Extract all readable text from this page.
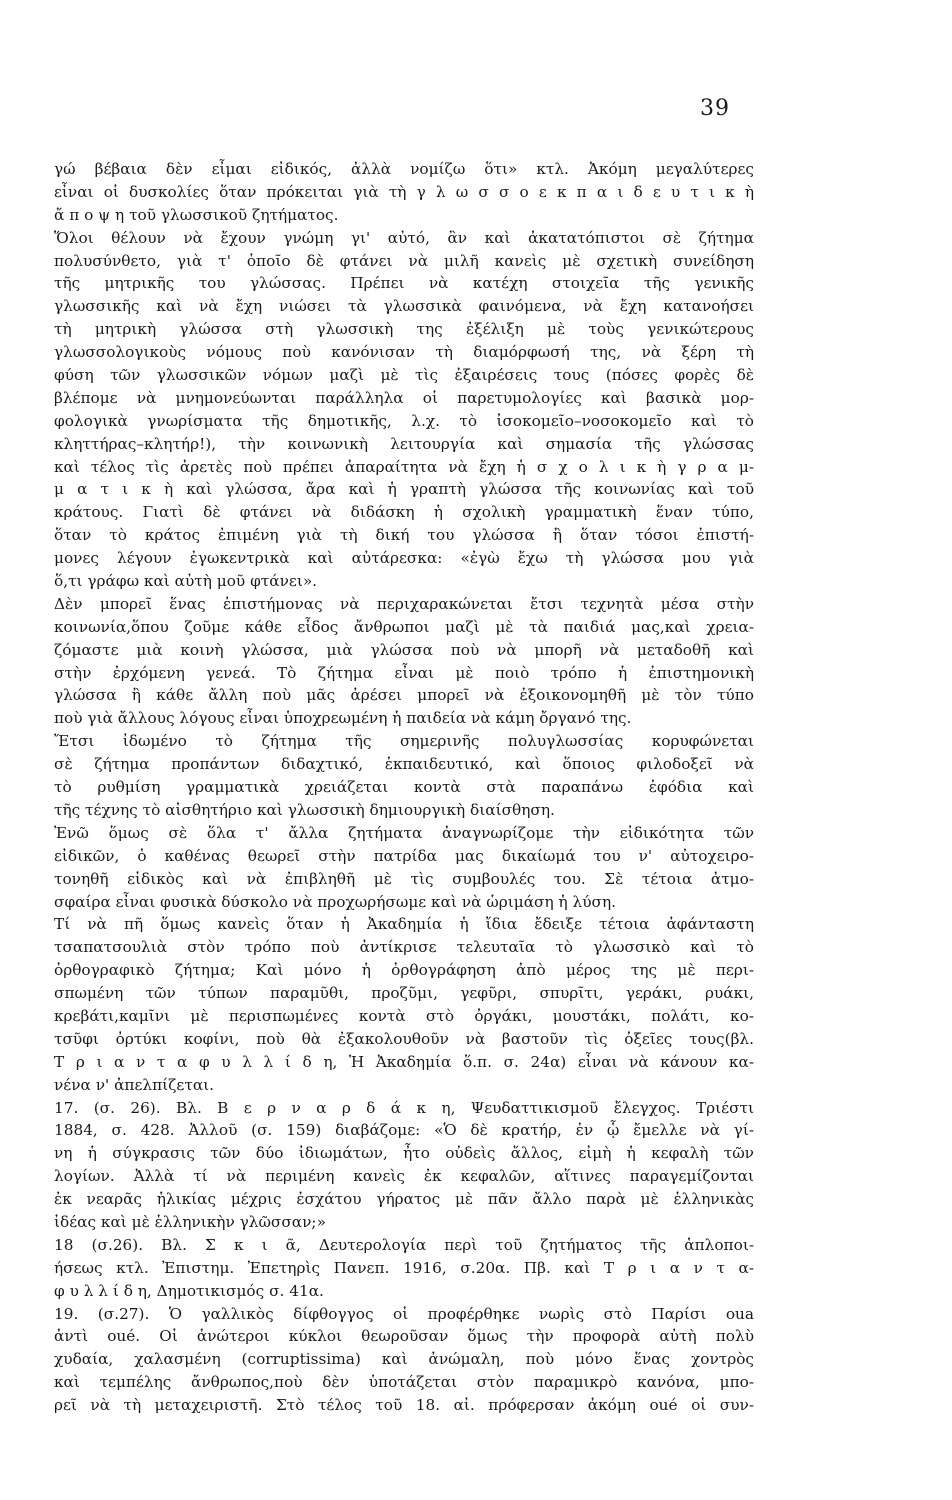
39
γώ βέβαια δὲν εἶμαι εἰδικός, ἀλλὰ νομίζω ὅτι» κτλ. Ἀκόμη μεγαλύτερες
εἶναι οἱ δυσκολίες ὅταν πρόκειται γιὰ τὴ γ λ ω σ σ ο ε κ π α ι δ ε υ τ ι κ ὴ
ἄ π ο ψ η τοῦ γλωσσικοῦ ζητήματος.
Ὅλοι θέλουν νὰ ἔχουν γνώμη γι' αὐτό, ἂν καὶ ἀκατατόπιστοι σὲ ζήτημα
πολυσύνθετο, γιὰ τ' ὁποῖο δὲ φτάνει νὰ μιλῆ κανεὶς μὲ σχετικὴ συνείδηση
τῆς μητρικῆς του γλώσσας. Πρέπει νὰ κατέχη στοιχεῖα τῆς γενικῆς
γλωσσικῆς καὶ νὰ ἔχη νιώσει τὰ γλωσσικὰ φαινόμενα, νὰ ἔχη κατανοήσει
τὴ μητρικὴ γλώσσα στὴ γλωσσικὴ της ἐξέλιξη μὲ τοὺς γενικώτερους
γλωσσολογικοὺς νόμους ποὺ κανόνισαν τὴ διαμόρφωσή της, νὰ ξέρη τὴ
φύση τῶν γλωσσικῶν νόμων μαζὶ μὲ τὶς ἐξαιρέσεις τους (πόσες φορὲς δὲ
βλέπομε νὰ μνημονεύωνται παράλληλα οἱ παρετυμολογίες καὶ βασικὰ μορ-
φολογικὰ γνωρίσματα τῆς δημοτικῆς, λ.χ. τὸ ἰσοκομεῖο–νοσοκομεῖο καὶ τὸ
κληττήρας–κλητήρ!), τὴν κοινωνικὴ λειτουργία καὶ σημασία τῆς γλώσσας
καὶ τέλος τὶς ἀρετὲς ποὺ πρέπει ἀπαραίτητα νὰ ἔχη ἡ σ χ ο λ ι κ ὴ γ ρ α μ-
μ α τ ι κ ὴ καὶ γλώσσα, ἄρα καὶ ἡ γραπτὴ γλώσσα τῆς κοινωνίας καὶ τοῦ
κράτους. Γιατὶ δὲ φτάνει νὰ διδάσκη ἡ σχολικὴ γραμματικὴ ἕναν τύπο,
ὅταν τὸ κράτος ἐπιμένη γιὰ τὴ δική του γλώσσα ἢ ὅταν τόσοι ἐπιστή-
μονες λέγουν ἐγωκεντρικὰ καὶ αὐτάρεσκα: «ἐγὼ ἔχω τὴ γλώσσα μου γιὰ
ὅ,τι γράφω καὶ αὐτὴ μοῦ φτάνει».
Δὲν μπορεῖ ἕνας ἐπιστήμονας νὰ περιχαρακώνεται ἔτσι τεχνητὰ μέσα στὴν
κοινωνία,ὅπου ζοῦμε κάθε εἶδος ἄνθρωποι μαζὶ μὲ τὰ παιδιά μας,καὶ χρεια-
ζόμαστε μιὰ κοινὴ γλώσσα, μιὰ γλώσσα ποὺ νὰ μπορῆ νὰ μεταδοθῆ καὶ
στὴν ἐρχόμενη γενεά. Τὸ ζήτημα εἶναι μὲ ποιὸ τρόπο ἡ ἐπιστημονικὴ
γλώσσα ἢ κάθε ἄλλη ποὺ μᾶς ἀρέσει μπορεῖ νὰ ἐξοικονομηθῆ μὲ τὸν τύπο
ποὺ γιὰ ἄλλους λόγους εἶναι ὑποχρεωμένη ἡ παιδεία νὰ κάμη ὄργανό της.
Ἔτσι ἰδωμένο τὸ ζήτημα τῆς σημερινῆς πολυγλωσσίας κορυφώνεται
σὲ ζήτημα προπάντων διδαχτικό, ἐκπαιδευτικό, καὶ ὅποιος φιλοδοξεῖ νὰ
τὸ ρυθμίση γραμματικὰ χρειάζεται κοντὰ στὰ παραπάνω ἐφόδια καὶ
τῆς τέχνης τὸ αἰσθητήριο καὶ γλωσσικὴ δημιουργικὴ διαίσθηση.
Ἐνῶ ὅμως σὲ ὅλα τ' ἄλλα ζητήματα ἀναγνωρίζομε τὴν εἰδικότητα τῶν
εἰδικῶν, ὁ καθένας θεωρεῖ στὴν πατρίδα μας δικαίωμά του ν' αὐτοχειρο-
τονηθῆ εἰδικὸς καὶ νὰ ἐπιβληθῆ μὲ τὶς συμβουλές του. Σὲ τέτοια ἀτμο-
σφαίρα εἶναι φυσικὰ δύσκολο νὰ προχωρήσωμε καὶ νὰ ὡριμάση ἡ λύση.
Τί νὰ πῆ ὅμως κανεὶς ὅταν ἡ Ἀκαδημία ἡ ἴδια ἔδειξε τέτοια ἀφάνταστη
τσαπατσουλιὰ στὸν τρόπο ποὺ ἀντίκρισε τελευταῖα τὸ γλωσσικὸ καὶ τὸ
ὀρθογραφικὸ ζήτημα; Καὶ μόνο ἡ ὀρθογράφηση ἀπὸ μέρος της μὲ περι-
σπωμένη τῶν τύπων παραμῦθι, προζῦμι, γεφῦρι, σπυρῖτι, γεράκι, ρυάκι,
κρεβάτι,καμῖνι μὲ περισπωμένες κοντὰ στὸ ὀργάκι, μουστάκι, πολάτι, κο-
τσῦφι ὀρτύκι κοφίνι, ποὺ θὰ ἐξακολουθοῦν νὰ βαστοῦν τὶς ὀξεῖες τους(βλ.
Τ ρ ι α ν τ α φ υ λ λ ί δ η, Ἡ Ἀκαδημία ὅ.π. σ. 24α) εἶναι νὰ κάνουν κα-
νένα ν' ἀπελπίζεται.
17. (σ. 26). Βλ. Β ε ρ ν α ρ δ ά κ η, Ψευδαττικισμοῦ ἔλεγχος. Τριέστι
1884, σ. 428. Ἀλλοῦ (σ. 159) διαβάζομε: «Ὁ δὲ κρατήρ, ἐν ᾧ ἔμελλε νὰ γί-
νη ἡ σύγκρασις τῶν δύο ἰδιωμάτων, ἦτο οὐδεὶς ἄλλος, εἰμὴ ἡ κεφαλὴ τῶν
λογίων. Ἀλλὰ τί νὰ περιμένη κανεὶς ἐκ κεφαλῶν, αἵτινες παραγεμίζονται
ἐκ νεαρᾶς ἡλικίας μέχρις ἐσχάτου γήρατος μὲ πᾶν ἄλλο παρὰ μὲ ἑλληνικὰς
ἰδέας καὶ μὲ ἑλληνικὴν γλῶσσαν;»
18 (σ.26). Βλ. Σ κ ι ᾶ, Δευτερολογία περὶ τοῦ ζητήματος τῆς ἁπλοποι-
ήσεως κτλ. Ἐπιστημ. Ἐπετηρὶς Πανεπ. 1916, σ.20α. Πβ. καὶ Τ ρ ι α ν τ α-
φ υ λ λ ί δ η, Δημοτικισμός σ. 41α.
19. (σ.27). Ὁ γαλλικὸς δίφθογγος οἱ προφέρθηκε νωρὶς στὸ Παρίσι oua
ἀντὶ oué. Οἱ ἀνώτεροι κύκλοι θεωροῦσαν ὅμως τὴν προφορὰ αὐτὴ πολὺ
χυδαία, χαλασμένη (corruptissima) καὶ ἀνώμαλη, ποὺ μόνο ἕνας χοντρὸς
καὶ τεμπέλης ἄνθρωπος,ποὺ δὲν ὑποτάζεται στὸν παραμικρὸ κανόνα, μπο-
ρεῖ νὰ τὴ μεταχειριστῆ. Στὸ τέλος τοῦ 18. αἰ. πρόφερσαν ἀκόμη oué οἱ συν-
